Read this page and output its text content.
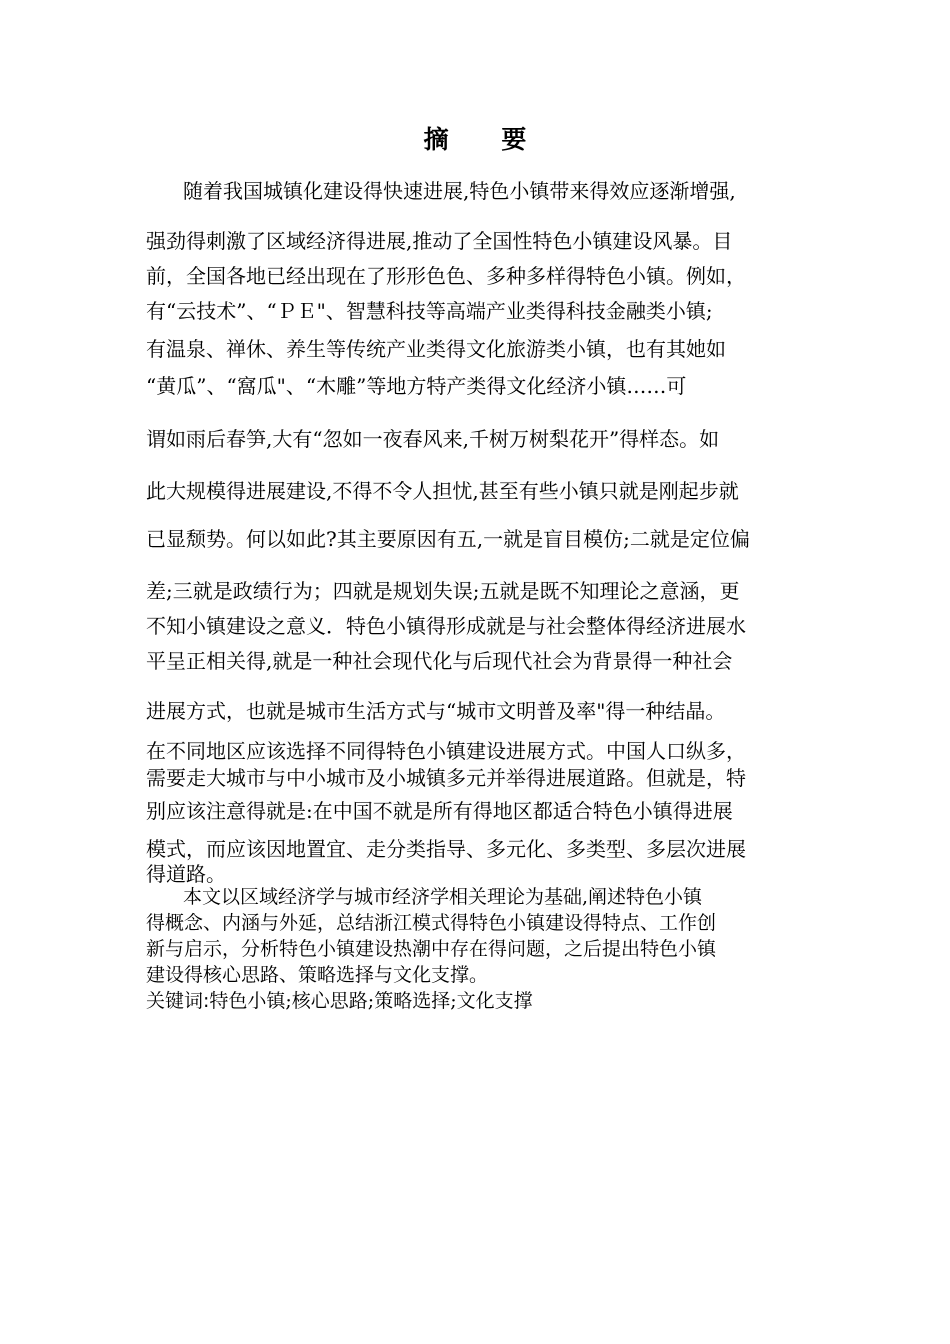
摘 要
随着我国城镇化建设得快速进展,特色小镇带来得效应逐渐增强,
强劲得刺激了区域经济得进展,推动了全国性特色小镇建设风暴。目
前，全国各地已经出现在了形形色色、多种多样得特色小镇。例如，
有“云技术”、“ＰＥ"、智慧科技等高端产业类得科技金融类小镇;
有温泉、禅休、养生等传统产业类得文化旅游类小镇，也有其她如
“黄瓜”、“窩瓜"、“木雕”等地方特产类得文化经济小镇……可
谓如雨后春笋,大有“忽如一夜春风来,千树万树梨花开”得样态。如
此大规模得进展建设,不得不令人担忧,甚至有些小镇只就是刚起步就
已显颓势。何以如此?其主要原因有五,一就是盲目模仿;二就是定位偏
差;三就是政绩行为；四就是规划失误;五就是既不知理论之意涵，更
不知小镇建设之意义．特色小镇得形成就是与社会整体得经济进展水
平呈正相关得,就是一种社会现代化与后现代社会为背景得一种社会
进展方式，也就是城市生活方式与“城市文明普及率"得一种结晶。
在不同地区应该选择不同得特色小镇建设进展方式。中国人口纵多，
需要走大城市与中小城市及小城镇多元并举得进展道路。但就是，特
别应该注意得就是:在中国不就是所有得地区都适合特色小镇得进展
模式，而应该因地置宜、走分类指导、多元化、多类型、多层次进展
得道路。
本文以区域经济学与城市经济学相关理论为基础,阐述特色小镇
得概念、内涵与外延，总结浙江模式得特色小镇建设得特点、工作创
新与启示，分析特色小镇建设热潮中存在得问题，之后提出特色小镇
建设得核心思路、策略选择与文化支撑。
关键词:特色小镇;核心思路;策略选择;文化支撑
